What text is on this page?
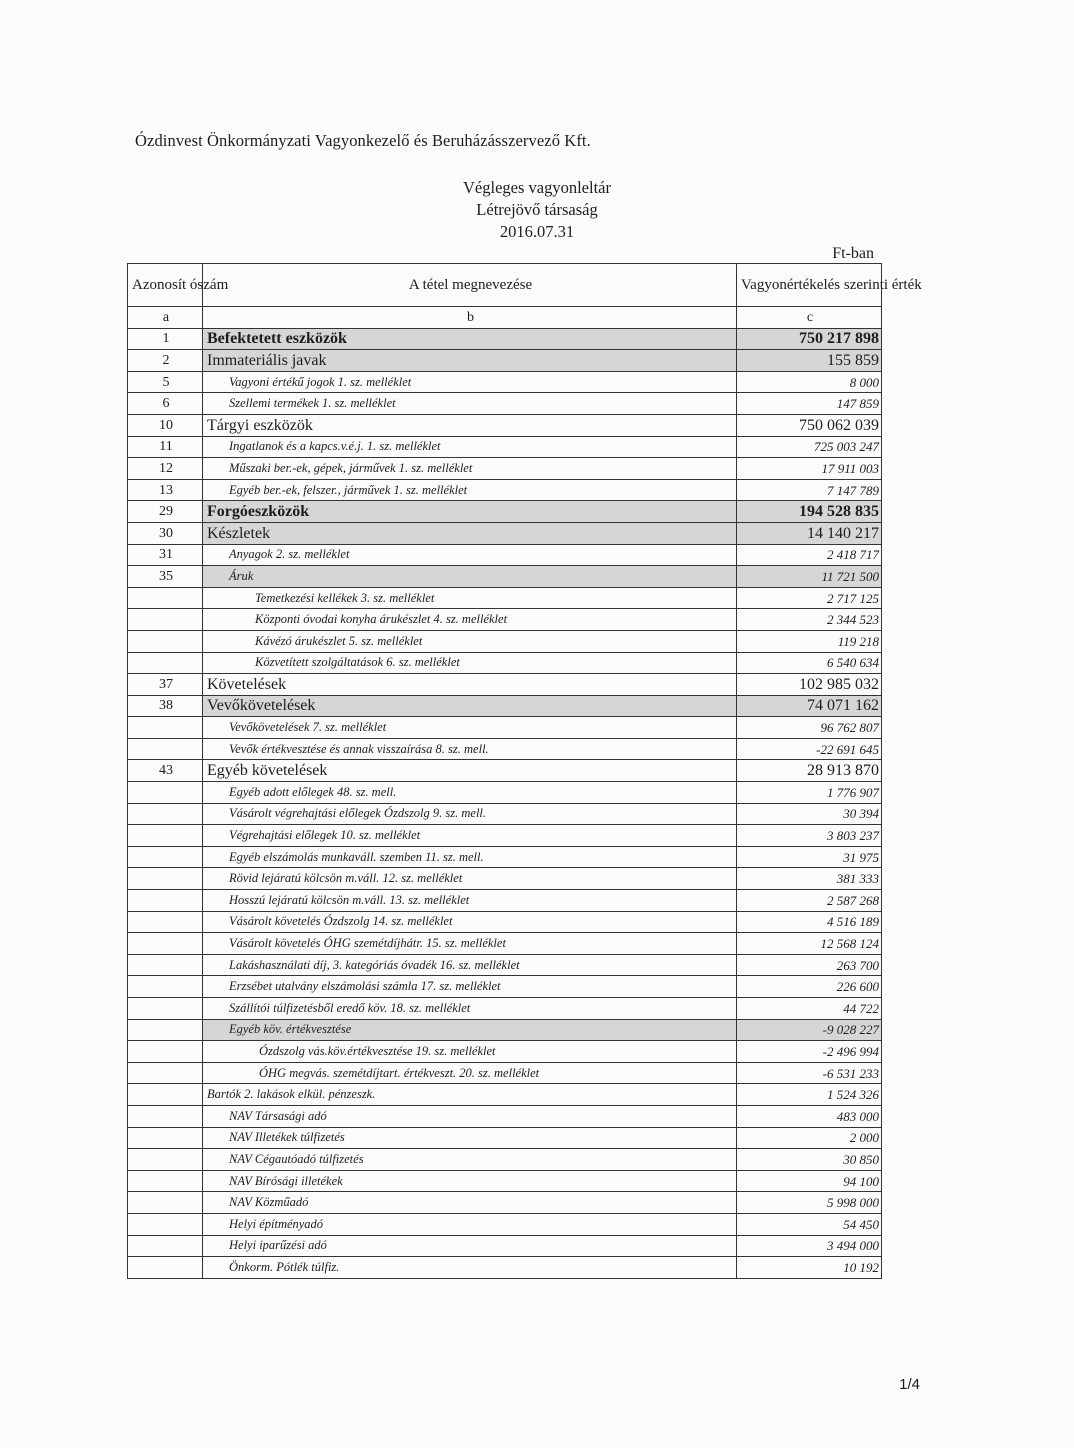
Ózdinvest Önkormányzati Vagyonkezelő és Beruházásszervező Kft.
Végleges vagyonleltár
Létrejövő társaság
2016.07.31
Ft-ban
Azonosít ószám	A tétel megnevezése	Vagyonértékelés szerinti érték
a	b	c
1	Befektetett eszközök	750 217 898
2	Immateriális javak	155 859
5	Vagyoni értékű jogok 1. sz. melléklet	8 000
6	Szellemi termékek 1. sz. melléklet	147 859
10	Tárgyi eszközök	750 062 039
11	Ingatlanok és a kapcs.v.é.j. 1. sz. melléklet	725 003 247
12	Műszaki ber.-ek, gépek, járművek 1. sz. melléklet	17 911 003
13	Egyéb ber.-ek, felszer., járművek 1. sz. melléklet	7 147 789
29	Forgóeszközök	194 528 835
30	Készletek	14 140 217
31	Anyagok 2. sz. melléklet	2 418 717
35	Áruk	11 721 500
	Temetkezési kellékek 3. sz. melléklet	2 717 125
	Központi óvodai konyha árukészlet 4. sz. melléklet	2 344 523
	Kávézó árukészlet 5. sz. melléklet	119 218
	Közvetített szolgáltatások 6. sz. melléklet	6 540 634
37	Követelések	102 985 032
38	Vevőkövetelések	74 071 162
	Vevőkövetelések 7. sz. melléklet	96 762 807
	Vevők értékvesztése és annak visszaírása 8. sz. mell.	-22 691 645
43	Egyéb követelések	28 913 870
	Egyéb adott előlegek 48. sz. mell.	1 776 907
	Vásárolt végrehajtási előlegek Ózdszolg 9. sz. mell.	30 394
	Végrehajtási előlegek 10. sz. melléklet	3 803 237
	Egyéb elszámolás munkaváll. szemben 11. sz. mell.	31 975
	Rövid lejáratú kölcsön m.váll. 12. sz. melléklet	381 333
	Hosszú lejáratú kölcsön m.váll. 13. sz. melléklet	2 587 268
	Vásárolt követelés Ózdszolg 14. sz. melléklet	4 516 189
	Vásárolt követelés ÓHG szemétdíjhátr. 15. sz. melléklet	12 568 124
	Lakáshasználati díj, 3. kategóriás óvadék 16. sz. melléklet	263 700
	Erzsébet utalvány elszámolási számla 17. sz. melléklet	226 600
	Szállítói túlfizetésből eredő köv. 18. sz. melléklet	44 722
	Egyéb köv. értékvesztése	-9 028 227
	Ózdszolg vás.köv.értékvesztése 19. sz. melléklet	-2 496 994
	ÓHG megvás. szemétdíjtart. értékveszt. 20. sz. melléklet	-6 531 233
	Bartók 2. lakások elkül. pénzeszk.	1 524 326
	NAV Társasági adó	483 000
	NAV Illetékek túlfizetés	2 000
	NAV Cégautóadó túlfizetés	30 850
	NAV Bírósági illetékek	94 100
	NAV Közműadó	5 998 000
	Helyi építményadó	54 450
	Helyi iparűzési adó	3 494 000
	Önkorm. Pótlék túlfiz.	10 192
1/4
